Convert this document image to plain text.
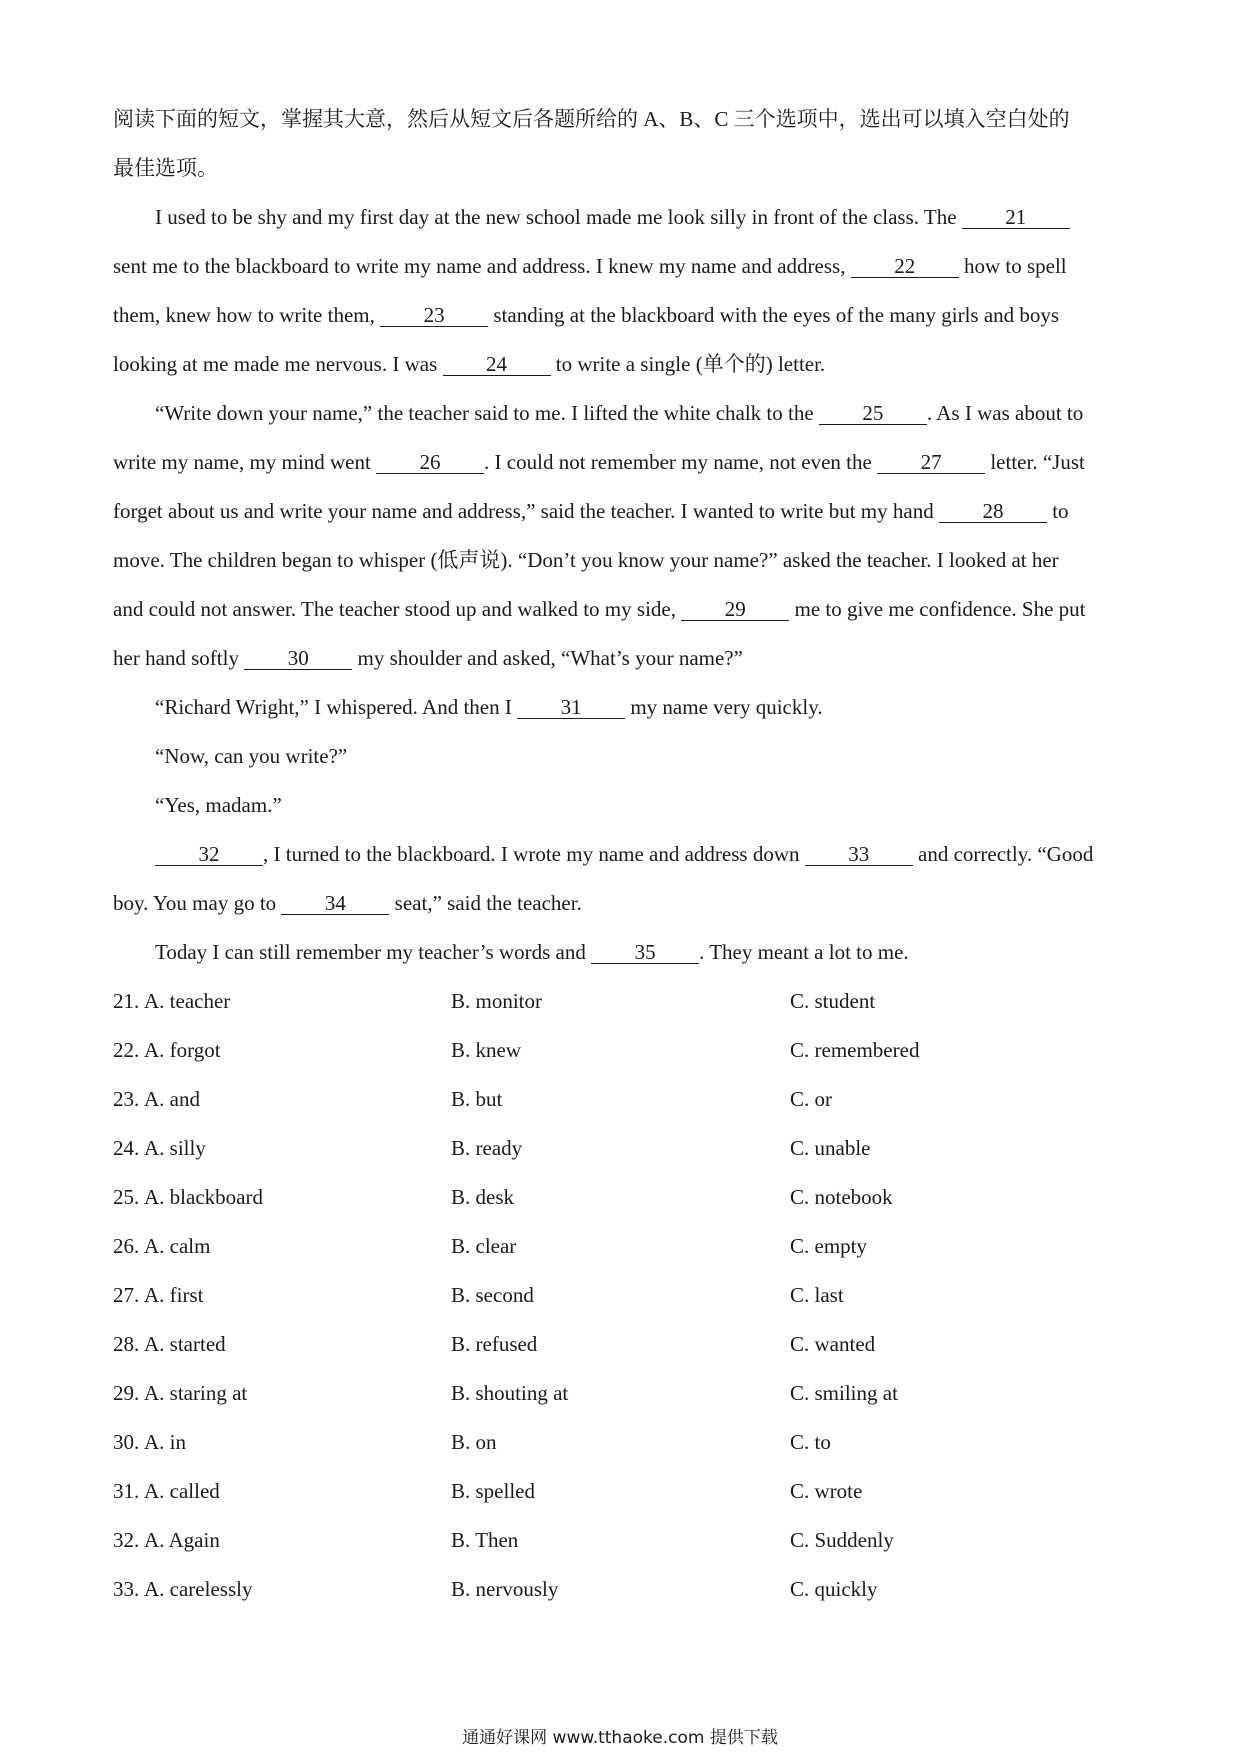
阅读下面的短文，掌握其大意，然后从短文后各题所给的 A、B、C 三个选项中，选出可以填入空白处的
最佳选项。
I used to be shy and my first day at the new school made me look silly in front of the class. The 21
sent me to the blackboard to write my name and address. I knew my name and address, 22 how to spell
them, knew how to write them, 23 standing at the blackboard with the eyes of the many girls and boys
looking at me made me nervous. I was 24 to write a single (单个的) letter.
“Write down your name,” the teacher said to me. I lifted the white chalk to the 25 . As I was about to
write my name, my mind went 26 . I could not remember my name, not even the 27 letter. “Just
forget about us and write your name and address,” said the teacher. I wanted to write but my hand 28 to
move. The children began to whisper (低声说). “Don’t you know your name?” asked the teacher. I looked at her
and could not answer. The teacher stood up and walked to my side, 29 me to give me confidence. She put
her hand softly 30 my shoulder and asked, “What’s your name?”
“Richard Wright,” I whispered. And then I 31 my name very quickly.
“Now, can you write?”
“Yes, madam.”
32 , I turned to the blackboard. I wrote my name and address down 33 and correctly. “Good
boy. You may go to 34 seat,” said the teacher.
Today I can still remember my teacher’s words and 35 . They meant a lot to me.
21. A. teacher	B. monitor	C. student
22. A. forgot	B. knew	C. remembered
23. A. and	B. but	C. or
24. A. silly	B. ready	C. unable
25. A. blackboard	B. desk	C. notebook
26. A. calm	B. clear	C. empty
27. A. first	B. second	C. last
28. A. started	B. refused	C. wanted
29. A. staring at	B. shouting at	C. smiling at
30. A. in	B. on	C. to
31. A. called	B. spelled	C. wrote
32. A. Again	B. Then	C. Suddenly
33. A. carelessly	B. nervously	C. quickly
通通好课网 www.tthaoke.com 提供下载
